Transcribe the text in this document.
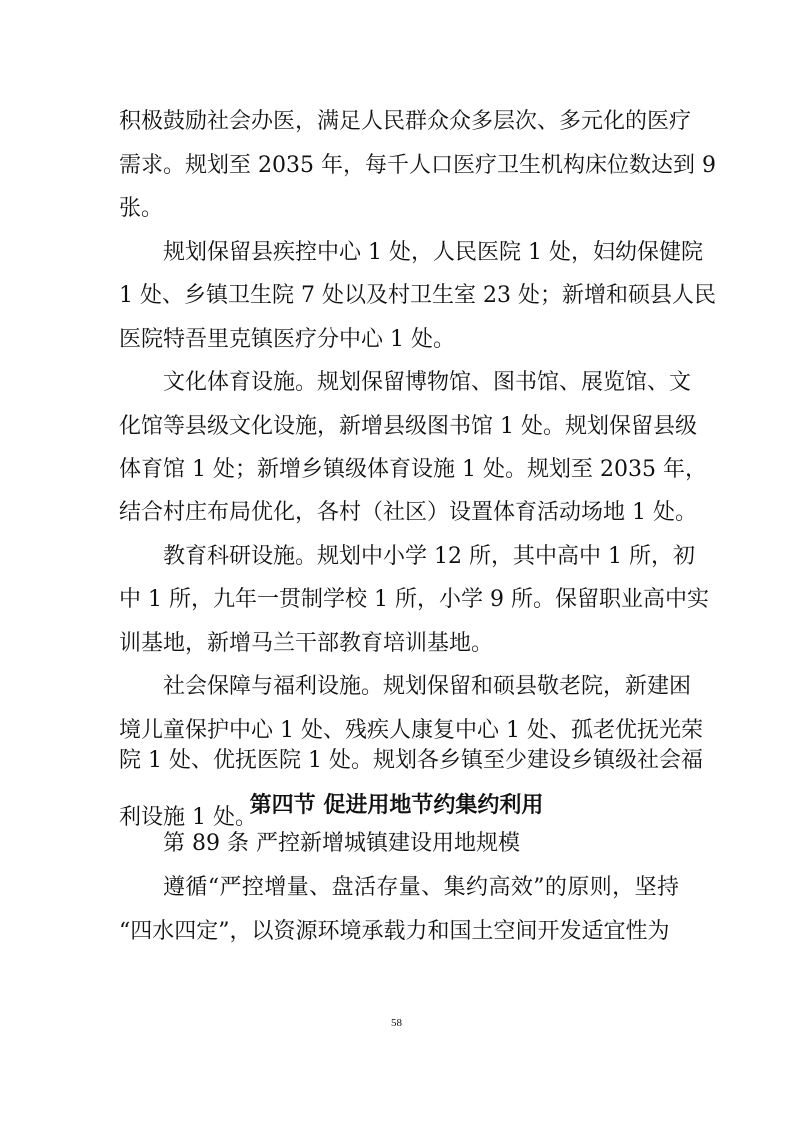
积极鼓励社会办医，满足人民群众众多层次、多元化的医疗
需求。规划至 2035 年，每千人口医疗卫生机构床位数达到 9
张。
规划保留县疾控中心 1 处，人民医院 1 处，妇幼保健院
1 处、乡镇卫生院 7 处以及村卫生室 23 处；新增和硕县人民
医院特吾里克镇医疗分中心 1 处。
文化体育设施。规划保留博物馆、图书馆、展览馆、文
化馆等县级文化设施，新增县级图书馆 1 处。规划保留县级
体育馆 1 处；新增乡镇级体育设施 1 处。规划至 2035 年，
结合村庄布局优化，各村（社区）设置体育活动场地 1 处。
教育科研设施。规划中小学 12 所，其中高中 1 所，初
中 1 所，九年一贯制学校 1 所，小学 9 所。保留职业高中实
训基地，新增马兰干部教育培训基地。
社会保障与福利设施。规划保留和硕县敬老院，新建困
境儿童保护中心 1 处、残疾人康复中心 1 处、孤老优抚光荣
院 1 处、优抚医院 1 处。规划各乡镇至少建设乡镇级社会福
利设施 1 处。
第四节 促进用地节约集约利用
第 89 条 严控新增城镇建设用地规模
遵循“严控增量、盘活存量、集约高效”的原则，坚持
“四水四定”，以资源环境承载力和国土空间开发适宜性为
58
